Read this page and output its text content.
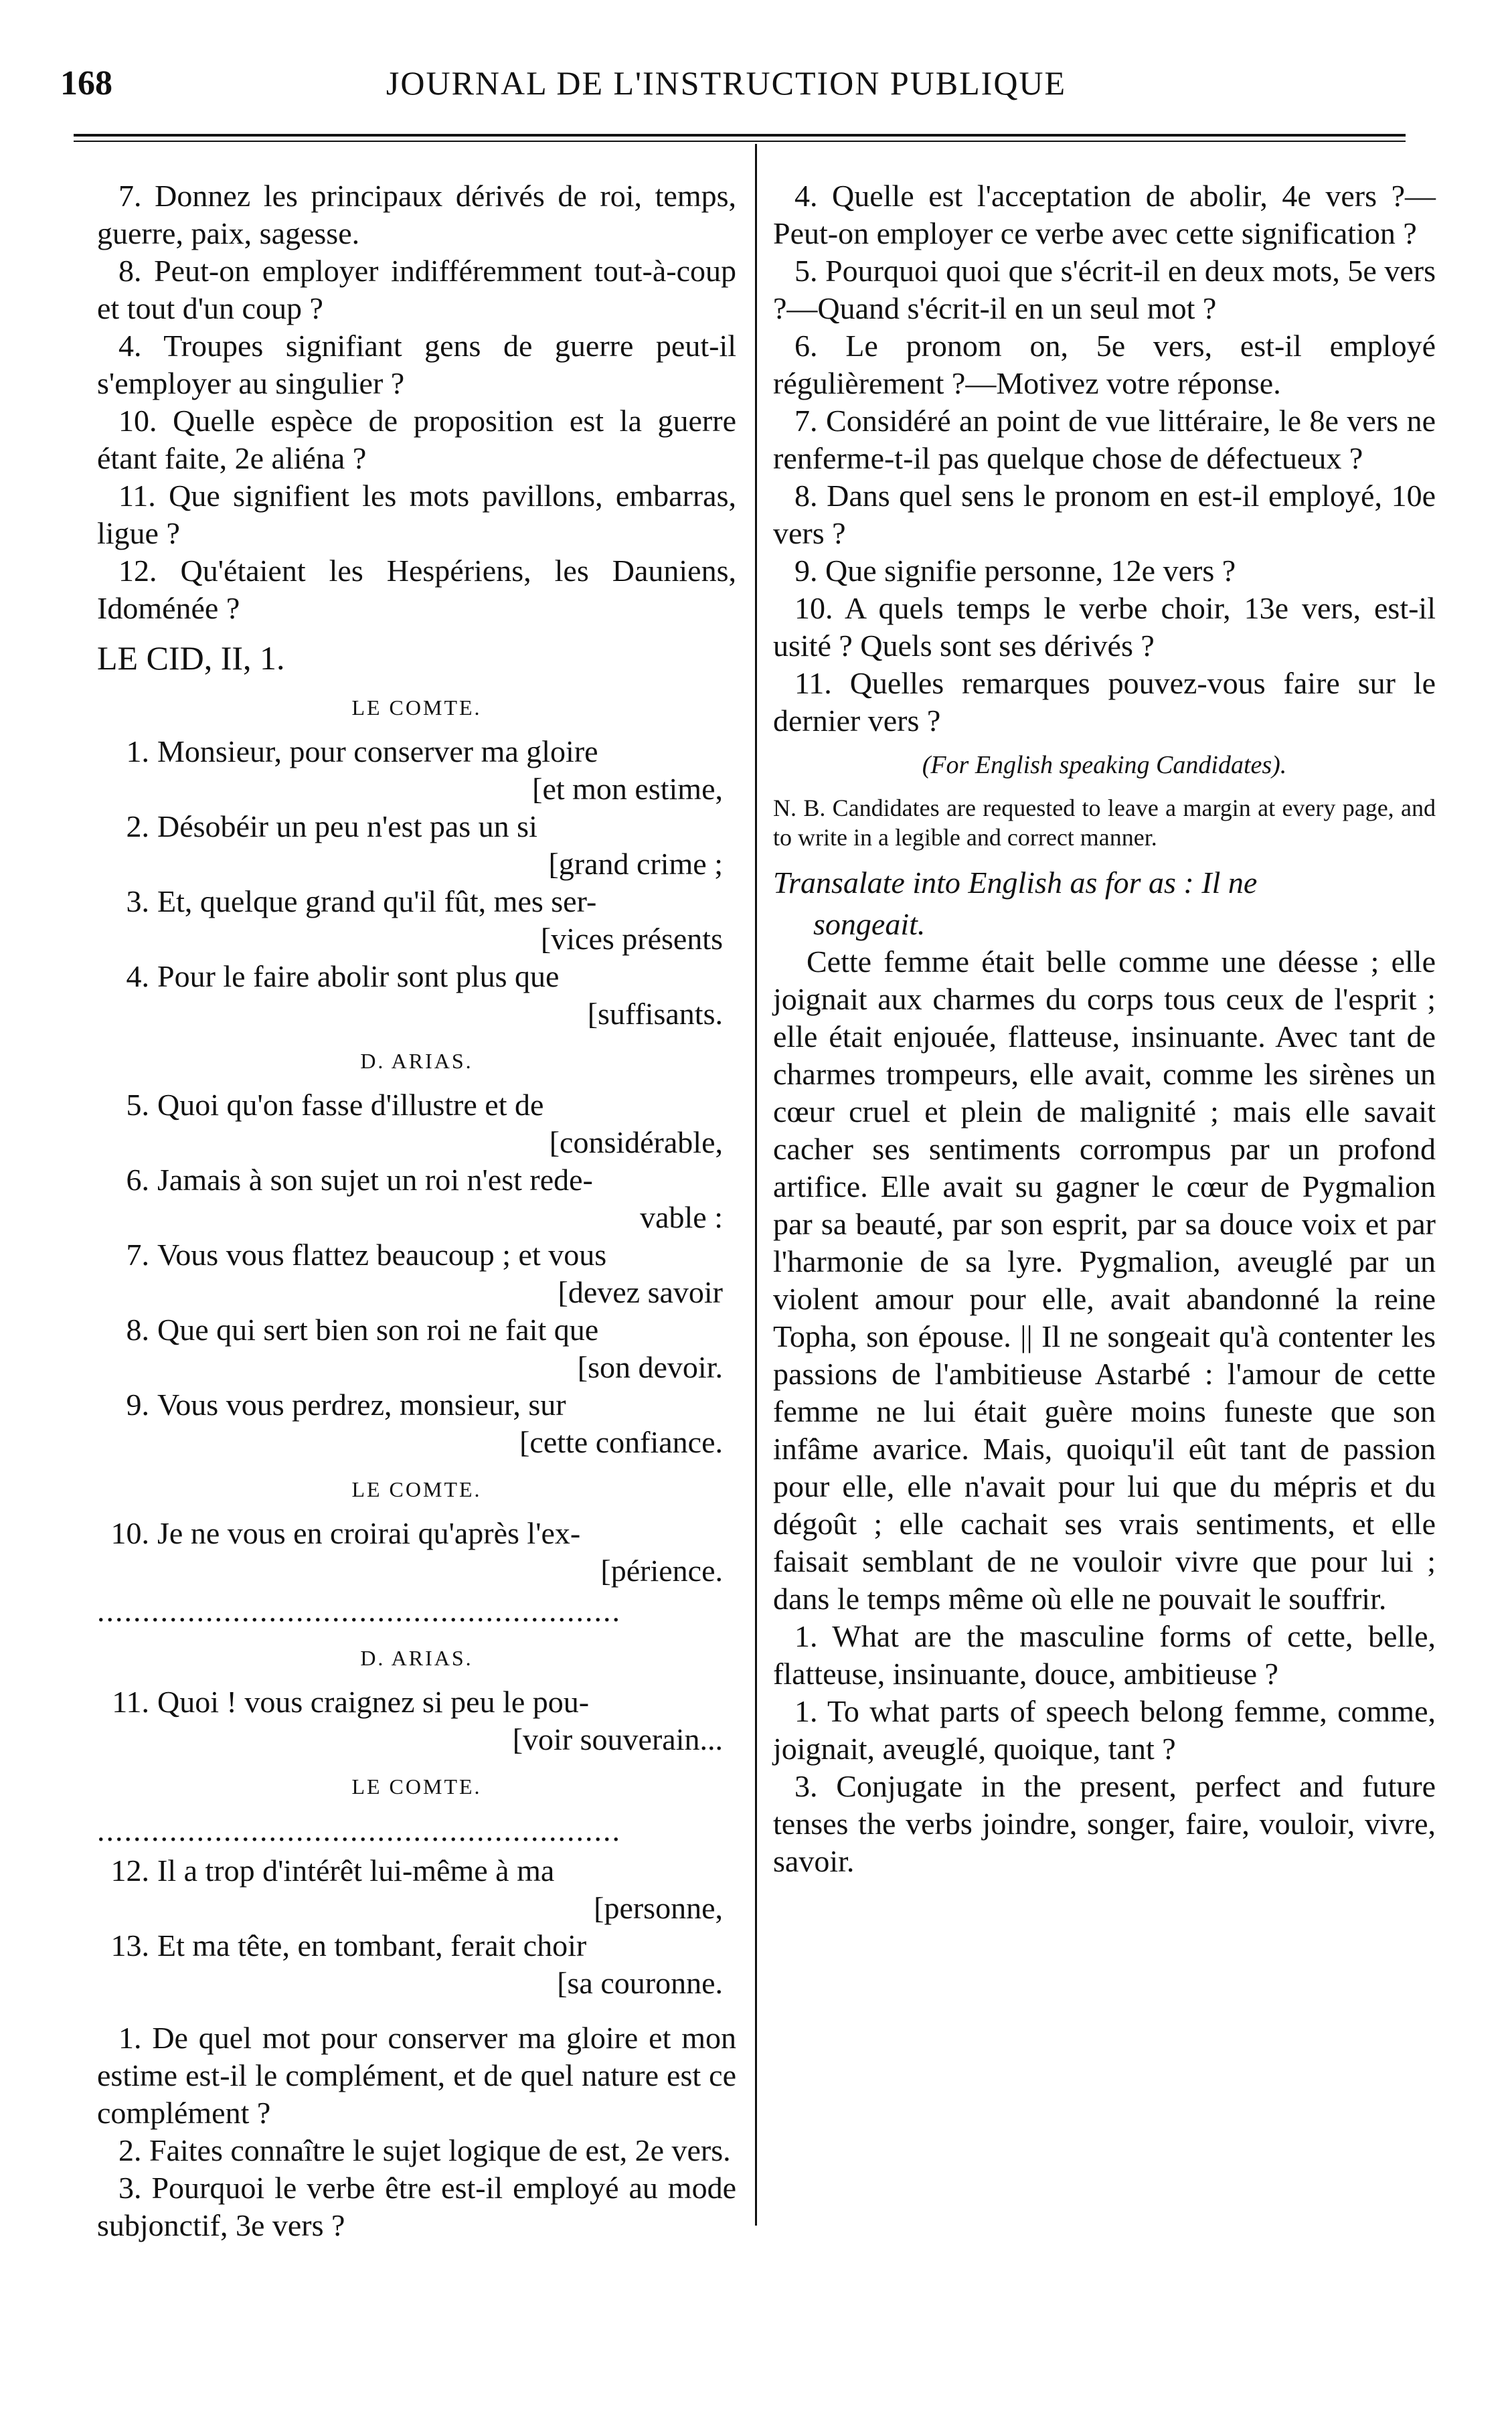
168	JOURNAL DE L'INSTRUCTION PUBLIQUE

7. Donnez les principaux dérivés de roi, temps, guerre, paix, sagesse.

8. Peut-on employer indifféremment tout-à-coup et tout d'un coup ?

4. Troupes signifiant gens de guerre peut-il s'employer au singulier ?

10. Quelle espèce de proposition est la guerre étant faite, 2e aliéna ?

11. Que signifient les mots pavillons, embarras, ligue ?

12. Qu'étaient les Hespériens, les Dauniens, Idoménée ?

LE CID, II, 1.
LE COMTE.
1. Monsieur, pour conserver ma gloire
[et mon estime,
2. Désobéir un peu n'est pas un si
[grand crime ;
3. Et, quelque grand qu'il fût, mes ser-
[vices présents
4. Pour le faire abolir sont plus que
[suffisants.
D. ARIAS.
5. Quoi qu'on fasse d'illustre et de
[considérable,
6. Jamais à son sujet un roi n'est rede-
vable :
7. Vous vous flattez beaucoup ; et vous
[devez savoir
8. Que qui sert bien son roi ne fait que
[son devoir.
9. Vous vous perdrez, monsieur, sur
[cette confiance.
LE COMTE.
10. Je ne vous en croirai qu'après l'ex-
[périence.
..........................................................
D. ARIAS.
11. Quoi ! vous craignez si peu le pou-
[voir souverain...
LE COMTE.
..........................................................
12. Il a trop d'intérêt lui-même à ma
[personne,
13. Et ma tête, en tombant, ferait choir
[sa couronne.

1. De quel mot pour conserver ma gloire et mon estime est-il le complément, et de quel nature est ce complément ?

2. Faites connaître le sujet logique de est, 2e vers.

3. Pourquoi le verbe être est-il employé au mode subjonctif, 3e vers ?

4. Quelle est l'acceptation de abolir, 4e vers ?—Peut-on employer ce verbe avec cette signification ?

5. Pourquoi quoi que s'écrit-il en deux mots, 5e vers ?—Quand s'écrit-il en un seul mot ?

6. Le pronom on, 5e vers, est-il employé régulièrement ?—Motivez votre réponse.

7. Considéré an point de vue littéraire, le 8e vers ne renferme-t-il pas quelque chose de défectueux ?

8. Dans quel sens le pronom en est-il employé, 10e vers ?

9. Que signifie personne, 12e vers ?

10. A quels temps le verbe choir, 13e vers, est-il usité ? Quels sont ses dérivés ?

11. Quelles remarques pouvez-vous faire sur le dernier vers ?

(For English speaking Candidates).
N. B. Candidates are requested to leave a margin at every page, and to write in a legible and correct manner.
Transalate into English as for as : Il ne
songeait.

Cette femme était belle comme une déesse ; elle joignait aux charmes du corps tous ceux de l'esprit ; elle était enjouée, flatteuse, insinuante. Avec tant de charmes trompeurs, elle avait, comme les sirènes un cœur cruel et plein de malignité ; mais elle savait cacher ses sentiments corrompus par un profond artifice. Elle avait su gagner le cœur de Pygmalion par sa beauté, par son esprit, par sa douce voix et par l'harmonie de sa lyre. Pygmalion, aveuglé par un violent amour pour elle, avait abandonné la reine Topha, son épouse. || Il ne songeait qu'à contenter les passions de l'ambitieuse Astarbé : l'amour de cette femme ne lui était guère moins funeste que son infâme avarice. Mais, quoiqu'il eût tant de passion pour elle, elle n'avait pour lui que du mépris et du dégoût ; elle cachait ses vrais sentiments, et elle faisait semblant de ne vouloir vivre que pour lui ; dans le temps même où elle ne pouvait le souffrir.

1. What are the masculine forms of cette, belle, flatteuse, insinuante, douce, ambitieuse ?

1. To what parts of speech belong femme, comme, joignait, aveuglé, quoique, tant ?

3. Conjugate in the present, perfect and future tenses the verbs joindre, songer, faire, vouloir, vivre, savoir.
